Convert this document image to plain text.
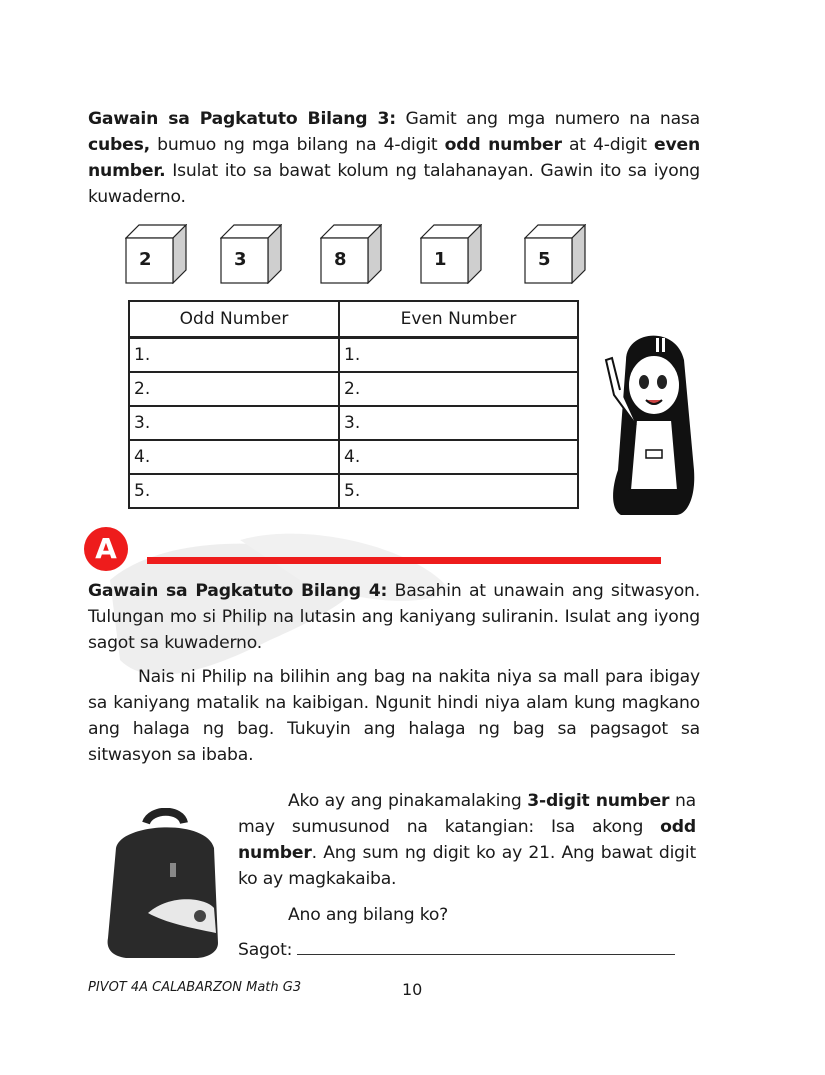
Gawain sa Pagkatuto Bilang 3: Gamit ang mga numero na nasa cubes, bumuo ng mga bilang na 4-digit odd number at 4-digit even number. Isulat ito sa bawat kolum ng talahanayan. Gawin ito sa iyong kuwaderno.
2	3	8	1	5
Odd Number	Even Number
1.	1.
2.	2.
3.	3.
4.	4.
5.	5.
A
Gawain sa Pagkatuto Bilang 4: Basahin at unawain ang sitwasyon. Tulungan mo si Philip na lutasin ang kaniyang suliranin. Isulat ang iyong sagot sa kuwaderno.
Nais ni Philip na bilihin ang bag na nakita niya sa mall para ibigay sa kaniyang matalik na kaibigan. Ngunit hindi niya alam kung magkano ang halaga ng bag. Tukuyin ang halaga ng bag sa pagsagot sa sitwasyon sa ibaba.
Ako ay ang pinakamalaking 3-digit number na may sumusunod na katangian: Isa akong odd number. Ang sum ng digit ko ay 21. Ang bawat digit ko ay magkakaiba.
Ano ang bilang ko?
Sagot:
PIVOT 4A CALABARZON Math G3	10
